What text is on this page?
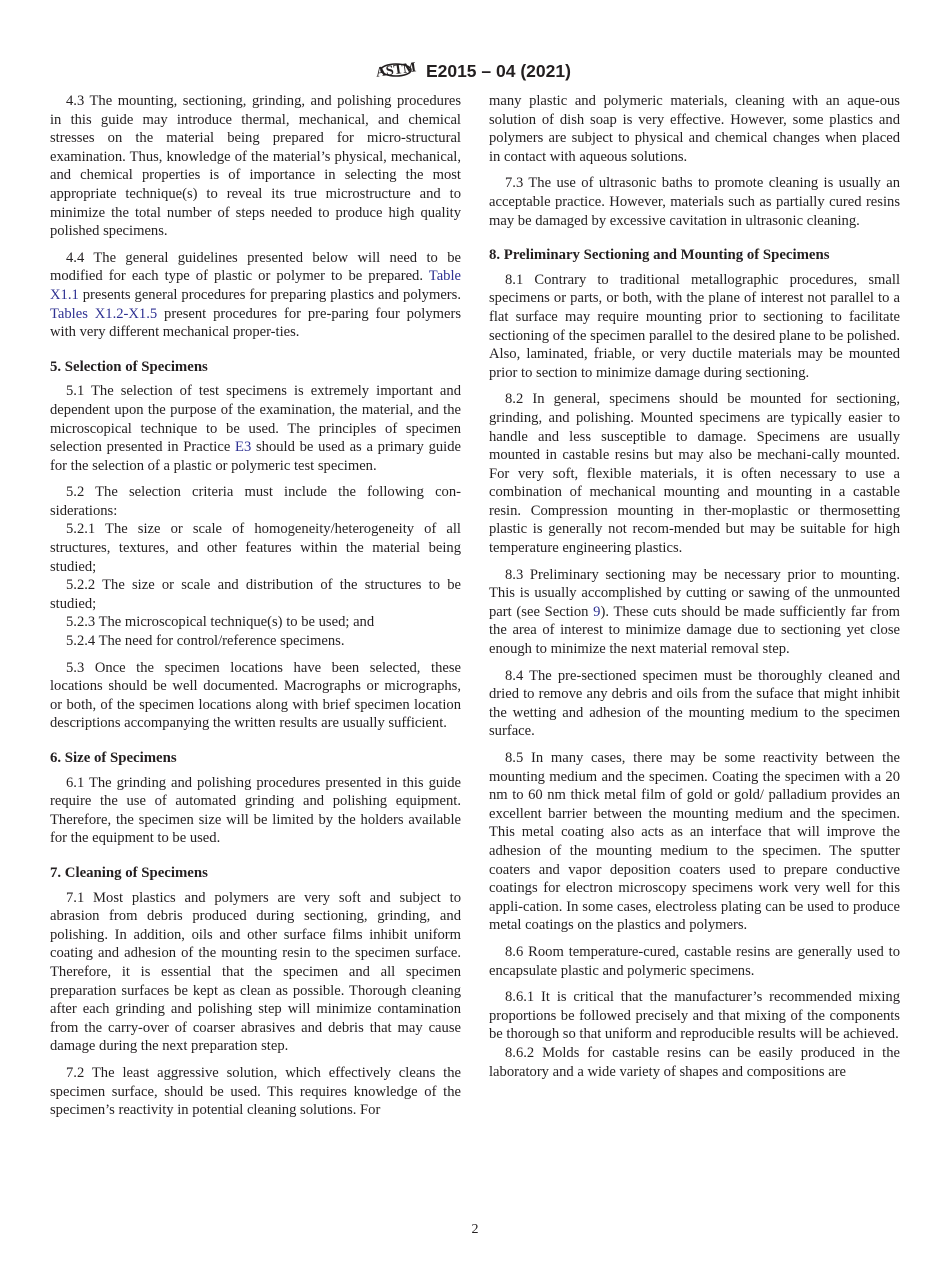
ASTM E2015 – 04 (2021)

4.3 The mounting, sectioning, grinding, and polishing procedures in this guide may introduce thermal, mechanical, and chemical stresses on the material being prepared for micro-structural examination. Thus, knowledge of the material’s physical, mechanical, and chemical properties is of importance in selecting the most appropriate technique(s) to reveal its true microstructure and to minimize the total number of steps needed to produce high quality polished specimens.

4.4 The general guidelines presented below will need to be modified for each type of plastic or polymer to be prepared. Table X1.1 presents general procedures for preparing plastics and polymers. Tables X1.2-X1.5 present procedures for pre-paring four polymers with very different mechanical proper-ties.

5. Selection of Specimens

5.1 The selection of test specimens is extremely important and dependent upon the purpose of the examination, the material, and the microscopical technique to be used. The principles of specimen selection presented in Practice E3 should be used as a primary guide for the selection of a plastic or polymeric test specimen.

5.2 The selection criteria must include the following con-siderations:

5.2.1 The size or scale of homogeneity/heterogeneity of all structures, textures, and other features within the material being studied;

5.2.2 The size or scale and distribution of the structures to be studied;

5.2.3 The microscopical technique(s) to be used; and

5.2.4 The need for control/reference specimens.

5.3 Once the specimen locations have been selected, these locations should be well documented. Macrographs or micrographs, or both, of the specimen locations along with brief specimen location descriptions accompanying the written results are usually sufficient.

6. Size of Specimens

6.1 The grinding and polishing procedures presented in this guide require the use of automated grinding and polishing equipment. Therefore, the specimen size will be limited by the holders available for the equipment to be used.

7. Cleaning of Specimens

7.1 Most plastics and polymers are very soft and subject to abrasion from debris produced during sectioning, grinding, and polishing. In addition, oils and other surface films inhibit uniform coating and adhesion of the mounting resin to the specimen surface. Therefore, it is essential that the specimen and all specimen preparation surfaces be kept as clean as possible. Thorough cleaning after each grinding and polishing step will minimize contamination from the carry-over of coarser abrasives and debris that may cause damage during the next preparation step.

7.2 The least aggressive solution, which effectively cleans the specimen surface, should be used. This requires knowledge of the specimen’s reactivity in potential cleaning solutions. For

many plastic and polymeric materials, cleaning with an aque-ous solution of dish soap is very effective. However, some plastics and polymers are subject to physical and chemical changes when placed in contact with aqueous solutions.

7.3 The use of ultrasonic baths to promote cleaning is usually an acceptable practice. However, materials such as partially cured resins may be damaged by excessive cavitation in ultrasonic cleaning.

8. Preliminary Sectioning and Mounting of Specimens

8.1 Contrary to traditional metallographic procedures, small specimens or parts, or both, with the plane of interest not parallel to a flat surface may require mounting prior to sectioning to facilitate sectioning of the specimen parallel to the desired plane to be polished. Also, laminated, friable, or very ductile materials may be mounted prior to section to minimize damage during sectioning.

8.2 In general, specimens should be mounted for sectioning, grinding, and polishing. Mounted specimens are typically easier to handle and less susceptible to damage. Specimens are usually mounted in castable resins but may also be mechani-cally mounted. For very soft, flexible materials, it is often necessary to use a combination of mechanical mounting and mounting in a castable resin. Compression mounting in ther-moplastic or thermosetting plastic is generally not recom-mended but may be suitable for high temperature engineering plastics.

8.3 Preliminary sectioning may be necessary prior to mounting. This is usually accomplished by cutting or sawing of the unmounted part (see Section 9). These cuts should be made sufficiently far from the area of interest to minimize damage due to sectioning yet close enough to minimize the next material removal step.

8.4 The pre-sectioned specimen must be thoroughly cleaned and dried to remove any debris and oils from the suface that might inhibit the wetting and adhesion of the mounting medium to the specimen surface.

8.5 In many cases, there may be some reactivity between the mounting medium and the specimen. Coating the specimen with a 20 nm to 60 nm thick metal film of gold or gold/ palladium provides an excellent barrier between the mounting medium and the specimen. This metal coating also acts as an interface that will improve the adhesion of the mounting medium to the specimen. The sputter coaters and vapor deposition coaters used to prepare conductive coatings for electron microscopy specimens work very well for this appli-cation. In some cases, electroless plating can be used to produce metal coatings on the plastics and polymers.

8.6 Room temperature-cured, castable resins are generally used to encapsulate plastic and polymeric specimens.

8.6.1 It is critical that the manufacturer’s recommended mixing proportions be followed precisely and that mixing of the components be thorough so that uniform and reproducible results will be achieved.

8.6.2 Molds for castable resins can be easily produced in the laboratory and a wide variety of shapes and compositions are

2
